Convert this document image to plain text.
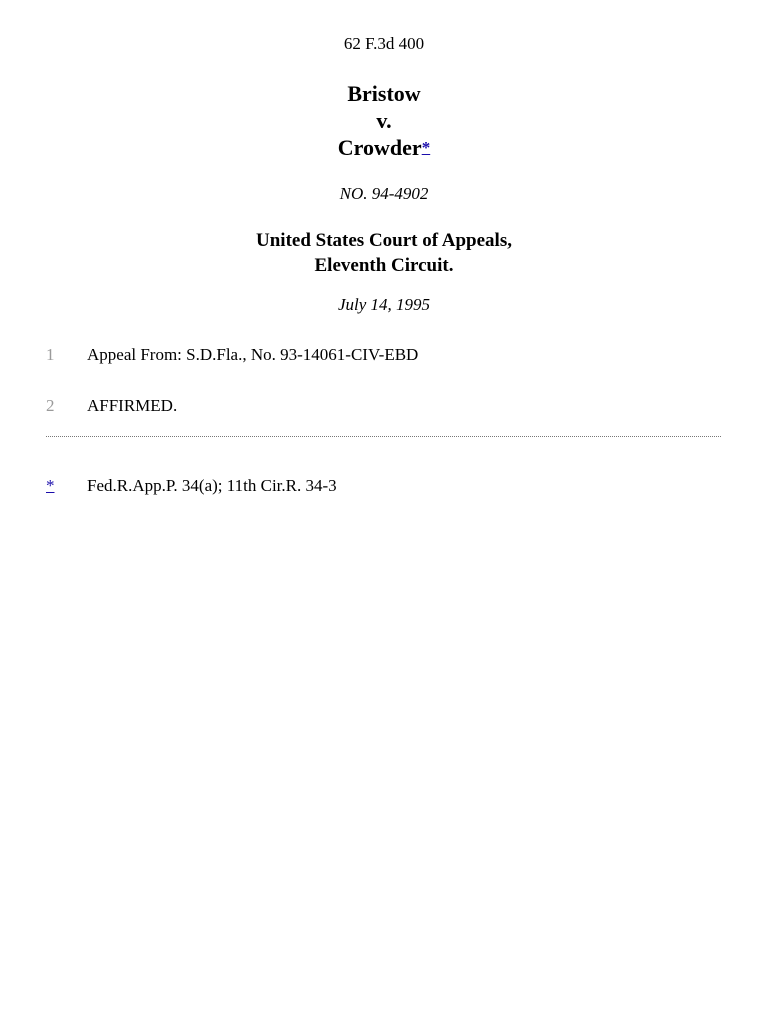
62 F.3d 400
Bristow
v.
Crowder*
NO. 94-4902
United States Court of Appeals,
Eleventh Circuit.
July 14, 1995
1 Appeal From: S.D.Fla., No. 93-14061-CIV-EBD
2 AFFIRMED.
* Fed.R.App.P. 34(a); 11th Cir.R. 34-3
